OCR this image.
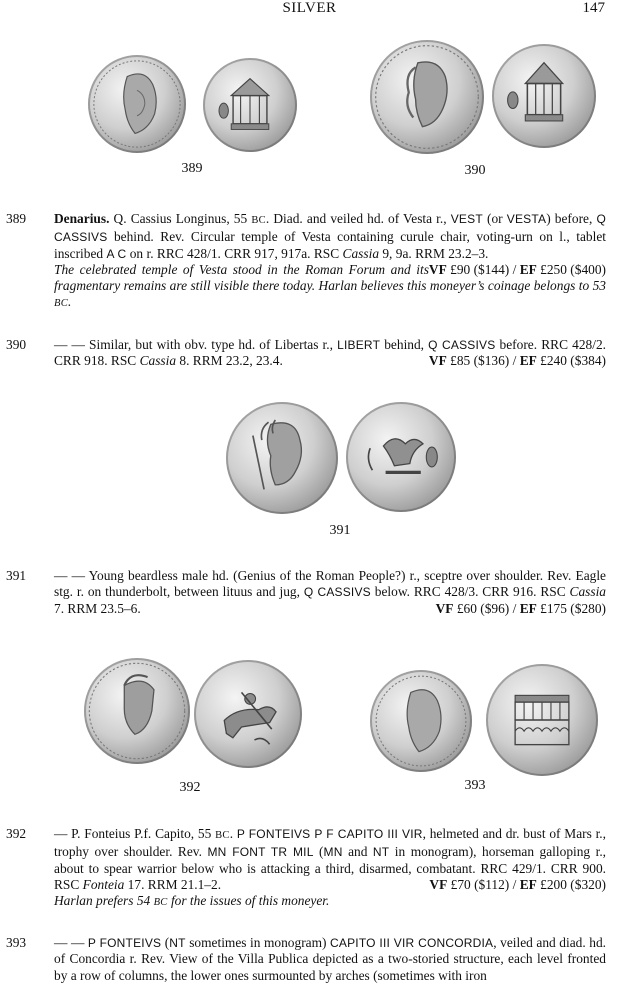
SILVER	147
389	390
389 Denarius. Q. Cassius Longinus, 55 BC. Diad. and veiled hd. of Vesta r., VEST (or VESTA) before, Q CASSIVS behind. Rev. Circular temple of Vesta containing curule chair, voting-urn on l., tablet inscribed A C on r. RRC 428/1. CRR 917, 917a. RSC Cassia 9, 9a. RRM 23.2–3.
VF £90 ($144) / EF £250 ($400)
The celebrated temple of Vesta stood in the Roman Forum and its fragmentary remains are still visible there today. Harlan believes this moneyer’s coinage belongs to 53 BC.
390 — — Similar, but with obv. type hd. of Libertas r., LIBERT behind, Q CASSIVS before. RRC 428/2. CRR 918. RSC Cassia 8. RRM 23.2, 23.4.	VF £85 ($136) / EF £240 ($384)
391
391 — — Young beardless male hd. (Genius of the Roman People?) r., sceptre over shoulder. Rev. Eagle stg. r. on thunderbolt, between lituus and jug, Q CASSIVS below. RRC 428/3. CRR 916. RSC Cassia 7. RRM 23.5–6.	VF £60 ($96) / EF £175 ($280)
392	393
392 — P. Fonteius P.f. Capito, 55 BC. P FONTEIVS P F CAPITO III VIR, helmeted and dr. bust of Mars r., trophy over shoulder. Rev. MN FONT TR MIL (MN and NT in monogram), horseman galloping r., about to spear warrior below who is attacking a third, disarmed, combatant. RRC 429/1. CRR 900. RSC Fonteia 17. RRM 21.1–2.	VF £70 ($112) / EF £200 ($320)
Harlan prefers 54 BC for the issues of this moneyer.
393 — — P FONTEIVS (NT sometimes in monogram) CAPITO III VIR CONCORDIA, veiled and diad. hd. of Concordia r. Rev. View of the Villa Publica depicted as a two-storied structure, each level fronted by a row of columns, the lower ones surmounted by arches (sometimes with iron
